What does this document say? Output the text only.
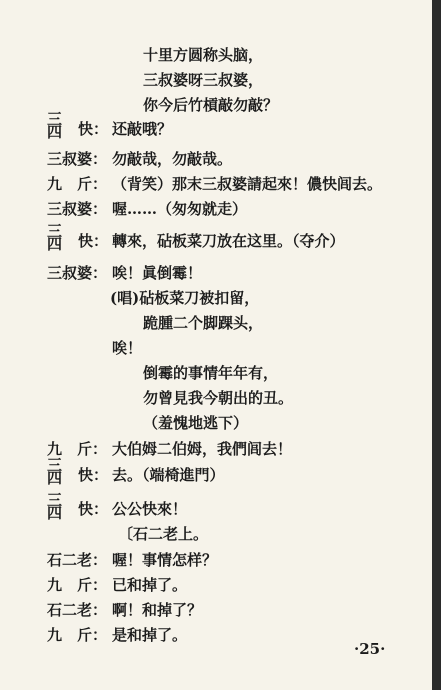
十里方圆称头脑，
三叔婆呀三叔婆，
你今后竹槓敲勿敲？
三
四 快： 还敲哦？
三叔婆： 勿敲哉，勿敲哉。
九　斤： （背笑）那末三叔婆請起來！儂快闾去。
三叔婆： 喔……（匆匆就走）
三
四 快： 轉來，砧板菜刀放在这里。（夺介）
三叔婆： 唉！眞倒霉！
(唱)砧板菜刀被扣留，
跪腫二个脚踝头，
唉！
倒霉的事情年年有，
勿曾見我今朝出的丑。
（羞愧地逃下）
九　斤： 大伯姆二伯姆，我們闾去！
三
四 快： 去。（端椅進門）
三
四 快： 公公快來！
〔石二老上。
石二老： 喔！事情怎样？
九　斤： 已和掉了。
石二老： 啊！和掉了？
九　斤： 是和掉了。
·25·
